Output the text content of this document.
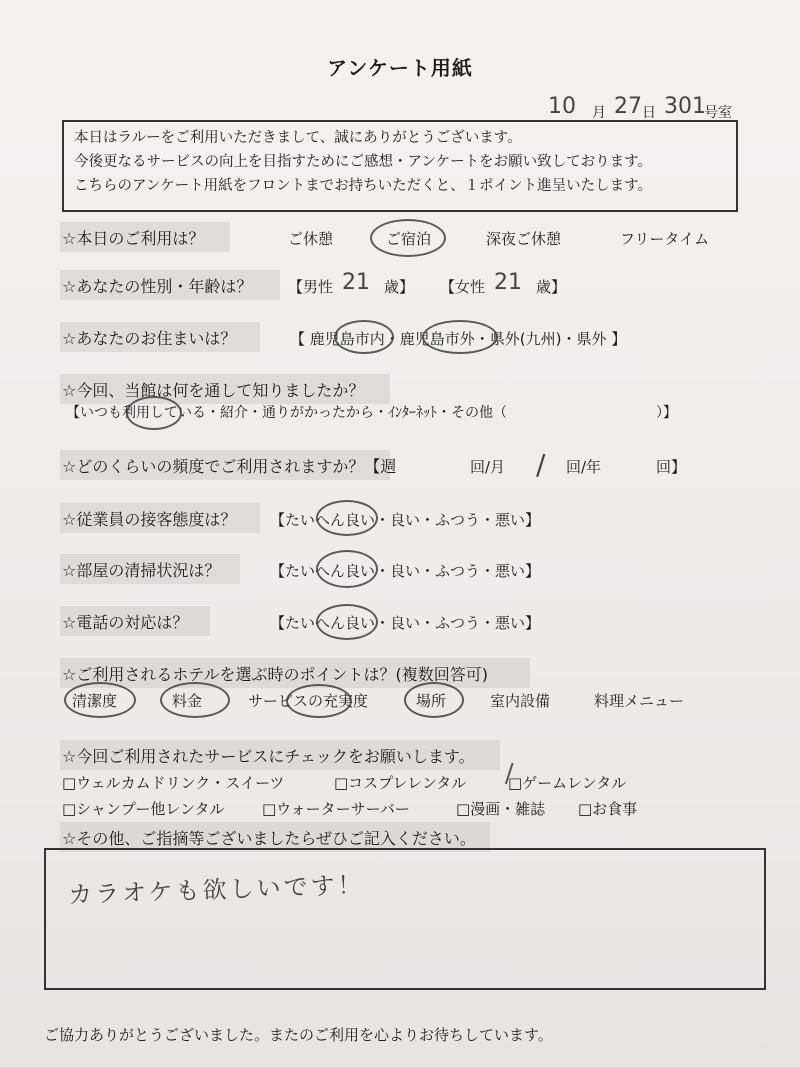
アンケート用紙
10 月 27 日 301
号室
本日はラルーをご利用いただきまして、誠にありがとうございます。
今後更なるサービスの向上を目指すためにご感想・アンケートをお願い致しております。
こちらのアンケート用紙をフロントまでお持ちいただくと、１ポイント進呈いたします。
☆本日のご利用は？	ご休憩	ご宿泊	深夜ご休憩	フリータイム
☆あなたの性別・年齢は？ 【男性 21 歳】 【女性 21 歳】
☆あなたのお住まいは？	【 鹿児島市内・鹿児島市外・県外(九州)・県外 】
☆今回、当館は何を通して知りましたか？
【いつも利用している・紹介・通りがかったから・ｲﾝﾀｰﾈｯﾄ・その他（	）】
☆どのくらいの頻度でご利用されますか？【週	回/月 / 回/年	回】
☆従業員の接客態度は？ 【たいへん良い・良い・ふつう・悪い】
☆部屋の清掃状況は？	【たいへん良い・良い・ふつう・悪い】
☆電話の対応は？	【たいへん良い・良い・ふつう・悪い】
☆ご利用されるホテルを選ぶ時のポイントは？(複数回答可)
清潔度	料金	サービスの充実度	場所	室内設備	料理メニュー
☆今回ご利用されたサービスにチェックをお願いします。
□ウェルカムドリンク・スイーツ	□コスプレレンタル	□ゲームレンタル
□シャンプー他レンタル	□ウォーターサーバー	□漫画・雑誌 □お食事
☆その他、ご指摘等ございましたらぜひご記入ください。
カラオケも欲しいです！
ご協力ありがとうございました。またのご利用を心よりお待ちしています。
